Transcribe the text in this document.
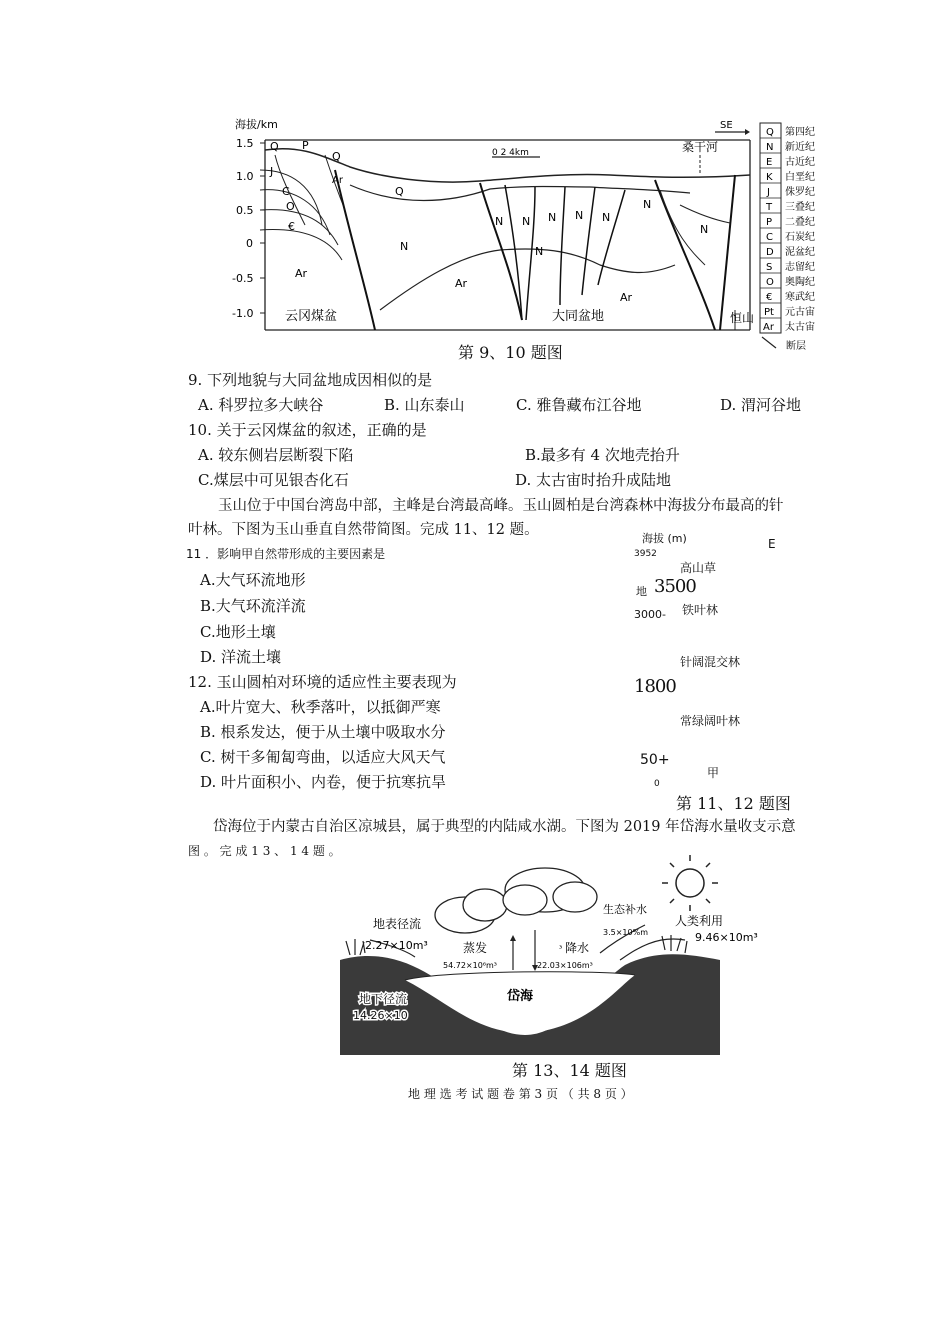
海拔/km
1.5
1.0
0.5
0
-0.5
-1.0
SE
0 2 4km	桑干河
云冈煤盆	大同盆地	恒山
Q P
J
C
O
€
Ar
Q
Ar
Q
N
Ar
N N N N N
N
Ar
N
N
Q 第四纪
N 新近纪
E 古近纪
K 白垩纪
J 侏罗纪
T 三叠纪
P 二叠纪
C 石炭纪
D 泥盆纪
S 志留纪
O 奥陶纪
€ 寒武纪
Pt 元古宙
Ar 太古宙
断层
第 9、10 题图
9. 下列地貌与大同盆地成因相似的是
A. 科罗拉多大峡谷	B. 山东泰山	C. 雅鲁藏布江谷地	D. 渭河谷地
10. 关于云冈煤盆的叙述，正确的是
A. 较东侧岩层断裂下陷	B.最多有 4 次地壳抬升
C.煤层中可见银杏化石	D. 太古宙时抬升成陆地
玉山位于中国台湾岛中部，主峰是台湾最高峰。玉山圆柏是台湾森林中海拔分布最高的针
叶林。下图为玉山垂直自然带简图。完成 11、12 题。
11 ．影响甲自然带形成的主要因素是
A.大气环流地形
B.大气环流洋流
C.地形土壤
D. 洋流土壤
12. 玉山圆柏对环境的适应性主要表现为
A.叶片宽大、秋季落叶，以抵御严寒
B. 根系发达，便于从土壤中吸取水分
C. 树干多匍匐弯曲，以适应大风天气
D. 叶片面积小、内卷，便于抗寒抗旱
海拔 (m)	E
3952
高山草
地 3500
3000- 铁叶林
针阔混交林
1800
常绿阔叶林
50+
0
甲
第 11、12 题图
岱海位于内蒙古自治区凉城县，属于典型的内陆咸水湖。下图为 2019 年岱海水量收支示意
图 。 完 成 1 3 、 1 4 题 。
地表径流
2.27×10m³	蒸发
54.72×10⁶m³
³ 降水
22.03×106m³
生态补水
3.5×10%m
人类利用
9.46×10m³
地下径流
14.26×10
岱海
第 13、14 题图
地 理 选 考 试 题 卷 第 3 页 （ 共 8 页 ）
